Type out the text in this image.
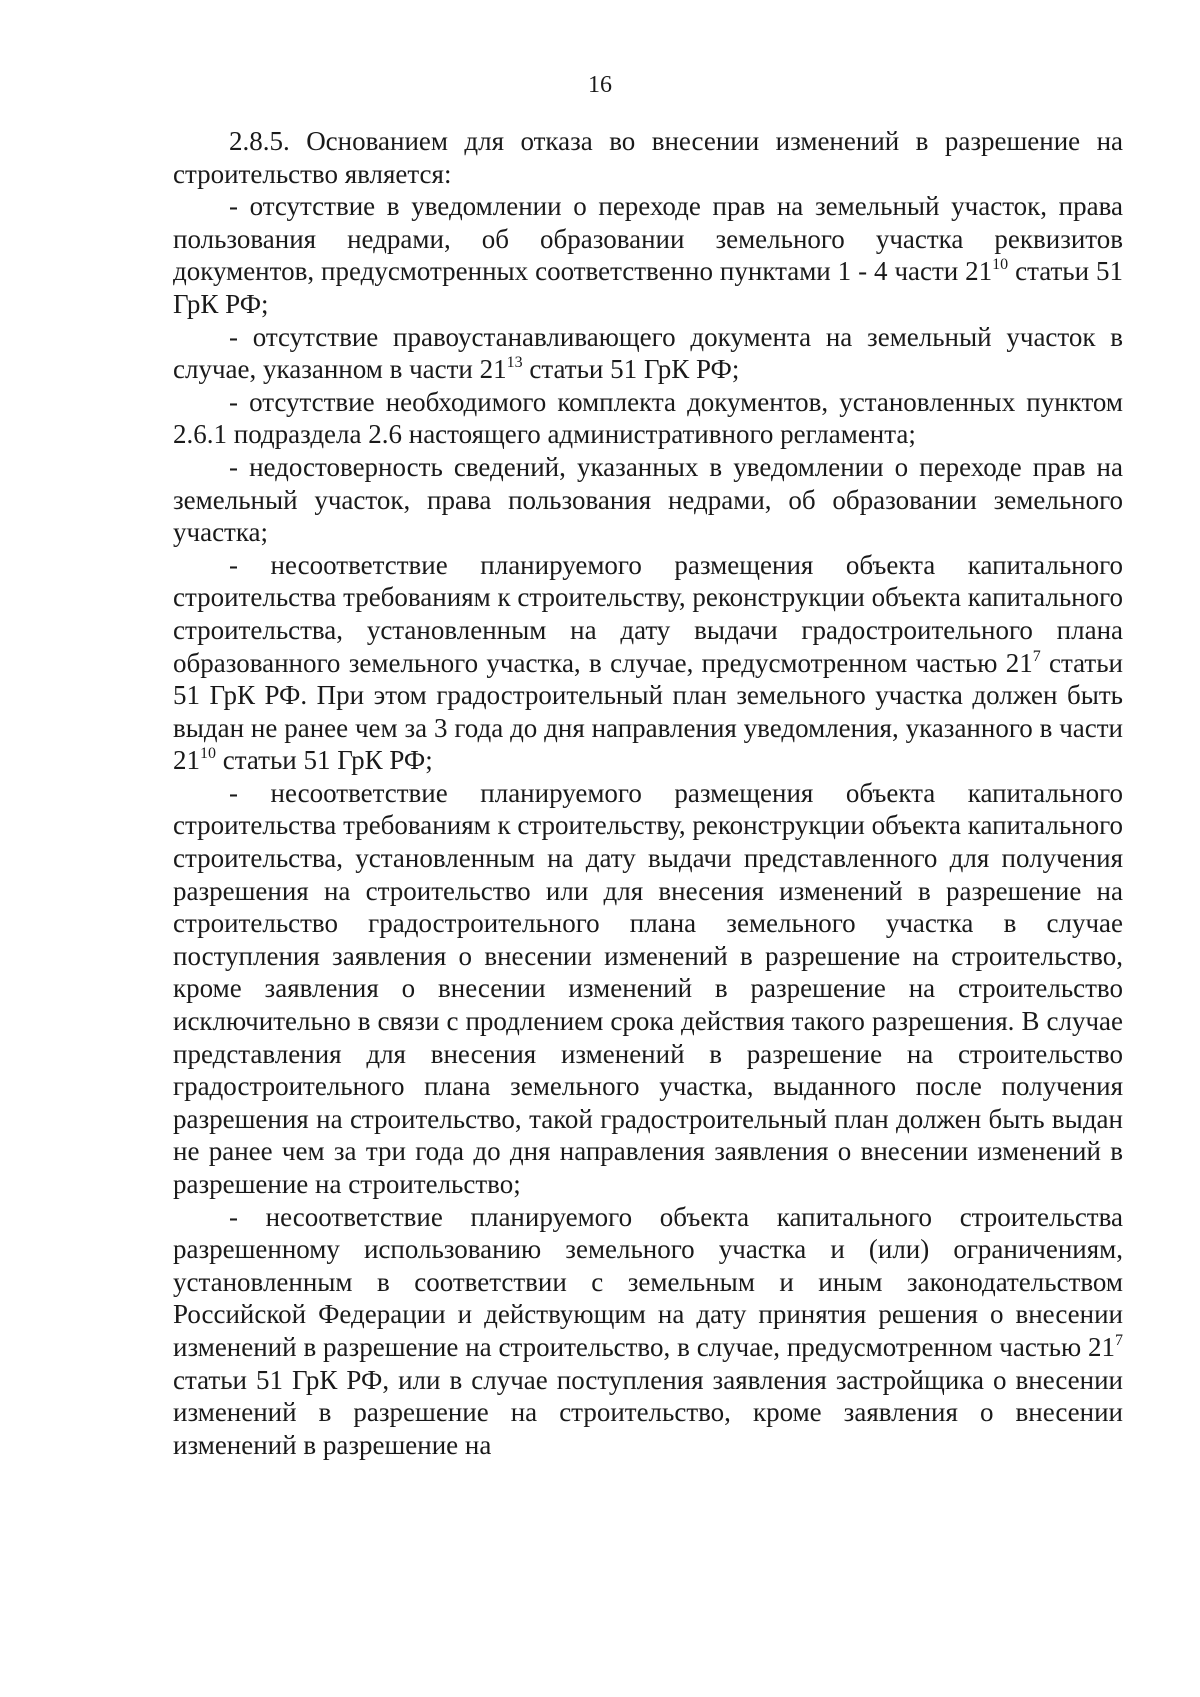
16

2.8.5. Основанием для отказа во внесении изменений в разрешение на строительство является:

- отсутствие в уведомлении о переходе прав на земельный участок, права пользования недрами, об образовании земельного участка реквизитов документов, предусмотренных соответственно пунктами 1 - 4 части $21^{10}$ статьи 51 ГрК РФ;

- отсутствие правоустанавливающего документа на земельный участок в случае, указанном в части $21^{13}$ статьи 51 ГрК РФ;

- отсутствие необходимого комплекта документов, установленных пунктом 2.6.1 подраздела 2.6 настоящего административного регламента;

- недостоверность сведений, указанных в уведомлении о переходе прав на земельный участок, права пользования недрами, об образовании земельного участка;

- несоответствие планируемого размещения объекта капитального строительства требованиям к строительству, реконструкции объекта капитального строительства, установленным на дату выдачи градостроительного плана образованного земельного участка, в случае, предусмотренном частью $21^7$ статьи 51 ГрК РФ. При этом градостроительный план земельного участка должен быть выдан не ранее чем за 3 года до дня направления уведомления, указанного в части $21^{10}$ статьи 51 ГрК РФ;

- несоответствие планируемого размещения объекта капитального строительства требованиям к строительству, реконструкции объекта капитального строительства, установленным на дату выдачи представленного для получения разрешения на строительство или для внесения изменений в разрешение на строительство градостроительного плана земельного участка в случае поступления заявления о внесении изменений в разрешение на строительство, кроме заявления о внесении изменений в разрешение на строительство исключительно в связи с продлением срока действия такого разрешения. В случае представления для внесения изменений в разрешение на строительство градостроительного плана земельного участка, выданного после получения разрешения на строительство, такой градостроительный план должен быть выдан не ранее чем за три года до дня направления заявления о внесении изменений в разрешение на строительство;

- несоответствие планируемого объекта капитального строительства разрешенному использованию земельного участка и (или) ограничениям, установленным в соответствии с земельным и иным законодательством Российской Федерации и действующим на дату принятия решения о внесении изменений в разрешение на строительство, в случае, предусмотренном частью $21^7$ статьи 51 ГрК РФ, или в случае поступления заявления застройщика о внесении изменений в разрешение на строительство, кроме заявления о внесении изменений в разрешение на
